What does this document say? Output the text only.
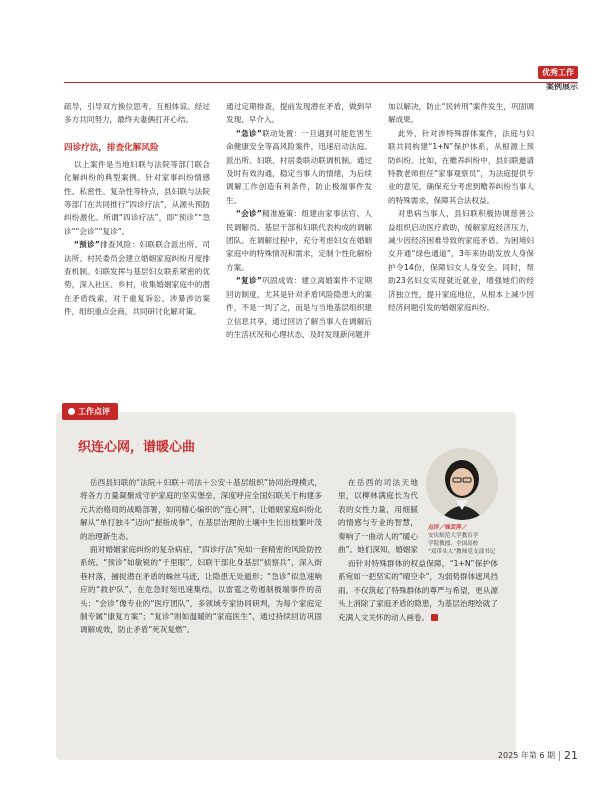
优秀工作
案例展示

疏导，引导双方换位思考，互相体谅。经过多方共同努力，最终夫妻俩打开心结。

四诊疗法，排查化解风险

以上案件是当地妇联与法院等部门联合化解纠纷的典型案例。针对家事纠纷情感性、私密性、复杂性等特点，县妇联与法院等部门在共同推行“四诊疗法”，从源头预防纠纷激化。所谓“四诊疗法”，即“预诊”“急诊”“会诊”“复诊”。

“预诊”排查风险：妇联联合派出所、司法所、村民委员会建立婚姻家庭纠纷月度排查机制。妇联发挥与基层妇女联系紧密的优势，深入社区、乡村，收集婚姻家庭中的潜在矛盾线索，对于重复诉讼、涉暴涉访案件，组织重点会商，共同研讨化解对策。

通过定期排查，提前发现潜在矛盾，做到早发现、早介入。

“急诊”联动处置：一旦遇到可能危害生命健康安全等高风险案件，迅速启动法庭、派出所、妇联、村居委联动联调机制。通过及时有效沟通，稳定当事人的情绪，为后续调解工作创造有利条件，防止极端事件发生。

“会诊”精准施策：组建由家事法官、人民调解员、基层干部和妇联代表构成的调解团队。在调解过程中，充分考虑妇女在婚姻家庭中的特殊情况和需求，定制个性化解纷方案。

“复诊”巩固成效：建立离婚案件不定期回访制度，尤其是针对矛盾风险隐患大的案件，不是一判了之，而是与当地基层组织建立信息共享，通过回访了解当事人在调解后的生活状况和心理状态，及时发现新问题并

加以解决，防止“民转刑”案件发生，巩固调解成果。

此外，针对涉特殊群体案件，法庭与妇联共同构建“1+N”保护体系，从根源上预防纠纷。比如，在赡养纠纷中，县妇联邀请特教老师担任“家事观察员”，为法庭提供专业的意见，确保充分考虑到赡养纠纷当事人的特殊需求，保障其合法权益。

对患病当事人，县妇联积极协调慈善公益组织启动医疗救助，缓解家庭经济压力，减少因经济困难导致的家庭矛盾。为困境妇女开通“绿色通道”，3年来协助发放人身保护令14份，保障妇女人身安全。同时，帮助23名妇女实现就近就业，增强她们的经济独立性，提升家庭地位，从根本上减少因经济问题引发的婚姻家庭纠纷。

工作点评
织连心网，谱暖心曲

岳西县妇联的“法院＋妇联＋司法＋公安＋基层组织”协同治理模式，将各方力量凝聚成守护家庭的坚实堡垒，深度呼应全国妇联关于构建多元共治格局的战略部署，如同精心编织的“连心网”，让婚姻家庭纠纷化解从“单打独斗”迈向“握指成拳”，在基层治理的土壤中生长出枝繁叶茂的治理新生态。

面对婚姻家庭纠纷的复杂病症，“四诊疗法”宛如一套精密的风险防控系统。“预诊”如敏锐的“千里眼”，妇联干部化身基层“侦察兵”，深入街巷村落，捕捉潜在矛盾的蛛丝马迹，让隐患无处遁形；“急诊”似急速响应的“救护队”，在危急时刻迅速集结，以雷霆之势遏制极端事件的苗头；“会诊”像专业的“医疗团队”，多领域专家协同研判，为每个家庭定制专属“康复方案”；“复诊”则如温暖的“家庭医生”，通过持续回访巩固调解成效，防止矛盾“死灰复燃”。

在岳西的司法天地里，以柳林满庭长为代表的女性力量，用细腻的情感与专业的智慧，奏响了一曲动人的“暖心曲”。她们深知，婚姻家

点评／禄芸萍／
安庆师范大学教育学
学院教授、全国高校
“双带头人”教师党支部书记

而针对特殊群体的权益保障，“1+N”保护体系宛如一把坚实的“晴空伞”，为弱势群体遮风挡雨。不仅筑起了特殊群体的尊严与希望，更从源头上消除了家庭矛盾的隐患，为基层治理绘就了充满人文关怀的动人画卷。

2025 年第 6 期 21
